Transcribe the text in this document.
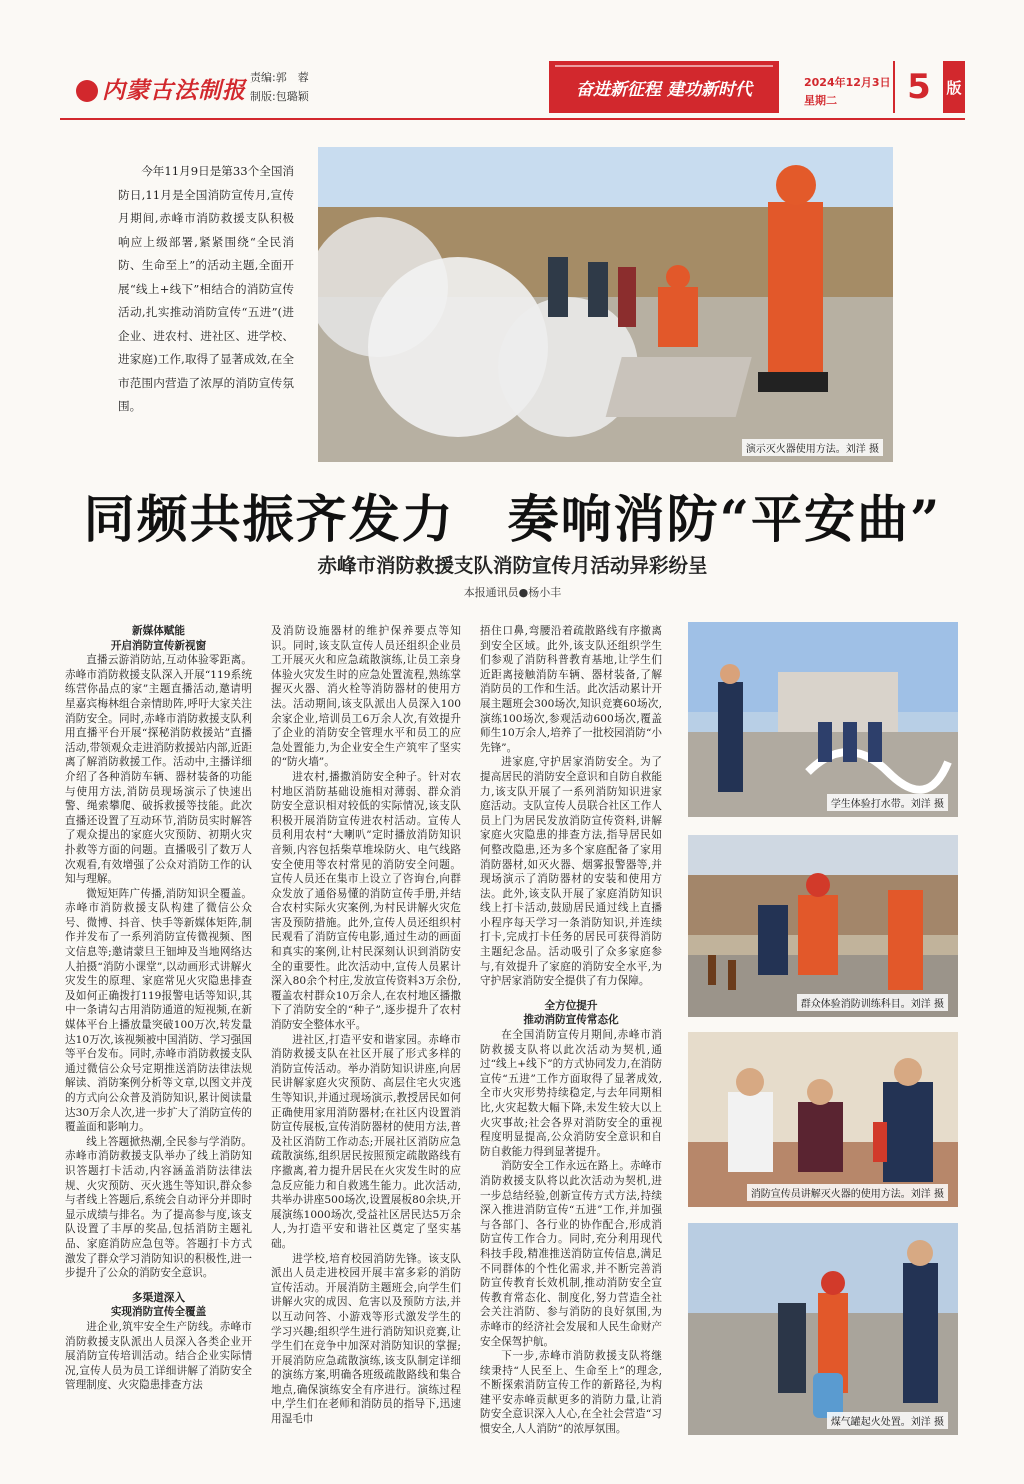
内蒙古法制报 责编:郭　蓉
制版:包璐颖	奋进新征程 建功新时代	2024年12月3日
星期二	5	版
今年11月9日是第33个全国消防日,11月是全国消防宣传月,宣传月期间,赤峰市消防救援支队积极响应上级部署,紧紧围绕“全民消防、生命至上”的活动主题,全面开展“线上+线下”相结合的消防宣传活动,扎实推动消防宣传“五进”(进企业、进农村、进社区、进学校、进家庭)工作,取得了显著成效,在全市范围内营造了浓厚的消防宣传氛围。
演示灭火器使用方法。刘洋 摄
同频共振齐发力　奏响消防“平安曲”
赤峰市消防救援支队消防宣传月活动异彩纷呈
本报通讯员●杨小丰
新媒体赋能
开启消防宣传新视窗

直播云游消防站,互动体验零距离。赤峰市消防救援支队深入开展“119系统练营你晶点的家”主题直播活动,邀请明星嘉宾梅林组合亲情助阵,呼吁大家关注消防安全。同时,赤峰市消防救援支队利用直播平台开展“探秘消防救援站”直播活动,带领观众走进消防救援站内部,近距离了解消防救援工作。活动中,主播详细介绍了各种消防车辆、器材装备的功能与使用方法,消防员现场演示了快速出警、绳索攀爬、破拆救援等技能。此次直播还设置了互动环节,消防员实时解答了观众提出的家庭火灾预防、初期火灾扑救等方面的问题。直播吸引了数万人次观看,有效增强了公众对消防工作的认知与理解。

微短矩阵广传播,消防知识全覆盖。赤峰市消防救援支队构建了微信公众号、微博、抖音、快手等新媒体矩阵,制作并发布了一系列消防宣传微视频、图文信息等;邀请蒙旦王钿坤及当地网络达人拍摄“消防小课堂”,以动画形式讲解火灾发生的原理、家庭常见火灾隐患排查及如何正确拨打119报警电话等知识,其中一条请勾古用消防通道的短视频,在新媒体平台上播放量突破100万次,转发量达10万次,该视频被中国消防、学习强国等平台发布。同时,赤峰市消防救援支队通过微信公众号定期推送消防法律法规解读、消防案例分析等文章,以图文并茂的方式向公众普及消防知识,累计阅读量达30万余人次,进一步扩大了消防宣传的覆盖面和影响力。

线上答题掀热潮,全民参与学消防。赤峰市消防救援支队举办了线上消防知识答题打卡活动,内容涵盖消防法律法规、火灾预防、灭火逃生等知识,群众参与者线上答题后,系统会自动评分并即时显示成绩与排名。为了提高参与度,该支队设置了丰厚的奖品,包括消防主题礼品、家庭消防应急包等。答题打卡方式激发了群众学习消防知识的积极性,进一步提升了公众的消防安全意识。

多渠道深入
实现消防宣传全覆盖

进企业,筑牢安全生产防线。赤峰市消防救援支队派出人员深入各类企业开展消防宣传培训活动。结合企业实际情况,宣传人员为员工详细讲解了消防安全管理制度、火灾隐患排查方法

及消防设施器材的维护保养要点等知识。同时,该支队宣传人员还组织企业员工开展灭火和应急疏散演练,让员工亲身体验火灾发生时的应急处置流程,熟练掌握灭火器、消火栓等消防器材的使用方法。活动期间,该支队派出人员深入100余家企业,培训员工6万余人次,有效提升了企业的消防安全管理水平和员工的应急处置能力,为企业安全生产筑牢了坚实的“防火墙”。

进农村,播撒消防安全种子。针对农村地区消防基础设施相对薄弱、群众消防安全意识相对较低的实际情况,该支队积极开展消防宣传进农村活动。宣传人员利用农村“大喇叭”定时播放消防知识音频,内容包括柴草堆垛防火、电气线路安全使用等农村常见的消防安全问题。宣传人员还在集市上设立了咨询台,向群众发放了通俗易懂的消防宣传手册,并结合农村实际火灾案例,为村民讲解火灾危害及预防措施。此外,宣传人员还组织村民观看了消防宣传电影,通过生动的画面和真实的案例,让村民深刻认识到消防安全的重要性。此次活动中,宣传人员累计深入80余个村庄,发放宣传资料3万余份,覆盖农村群众10万余人,在农村地区播撒下了消防安全的“种子”,逐步提升了农村消防安全整体水平。

进社区,打造平安和谐家园。赤峰市消防救援支队在社区开展了形式多样的消防宣传活动。举办消防知识讲座,向居民讲解家庭火灾预防、高层住宅火灾逃生等知识,并通过现场演示,教授居民如何正确使用家用消防器材;在社区内设置消防宣传展板,宣传消防器材的使用方法,普及社区消防工作动态;开展社区消防应急疏散演练,组织居民按照预定疏散路线有序撤离,着力提升居民在火灾发生时的应急反应能力和自救逃生能力。此次活动,共举办讲座500场次,设置展板80余块,开展演练1000场次,受益社区居民达5万余人,为打造平安和谐社区奠定了坚实基础。

进学校,培育校园消防先锋。该支队派出人员走进校园开展丰富多彩的消防宣传活动。开展消防主题班会,向学生们讲解火灾的成因、危害以及预防方法,并以互动问答、小游戏等形式激发学生的学习兴趣;组织学生进行消防知识竞赛,让学生们在竞争中加深对消防知识的掌握;开展消防应急疏散演练,该支队制定详细的演练方案,明确各班级疏散路线和集合地点,确保演练安全有序进行。演练过程中,学生们在老师和消防员的指导下,迅速用湿毛巾

捂住口鼻,弯腰沿着疏散路线有序撤离到安全区域。此外,该支队还组织学生们参观了消防科普教育基地,让学生们近距离接触消防车辆、器材装备,了解消防员的工作和生活。此次活动累计开展主题班会300场次,知识竞赛60场次,演练100场次,参观活动600场次,覆盖师生10万余人,培养了一批校园消防“小先锋”。

进家庭,守护居家消防安全。为了提高居民的消防安全意识和自防自救能力,该支队开展了一系列消防知识进家庭活动。支队宣传人员联合社区工作人员上门为居民发放消防宣传资料,讲解家庭火灾隐患的排查方法,指导居民如何整改隐患,还为多个家庭配备了家用消防器材,如灭火器、烟雾报警器等,并现场演示了消防器材的安装和使用方法。此外,该支队开展了家庭消防知识线上打卡活动,鼓励居民通过线上直播小程序每天学习一条消防知识,并连续打卡,完成打卡任务的居民可获得消防主题纪念品。活动吸引了众多家庭参与,有效提升了家庭的消防安全水平,为守护居家消防安全提供了有力保障。

全方位提升
推动消防宣传常态化

在全国消防宣传月期间,赤峰市消防救援支队将以此次活动为契机,通过“线上+线下”的方式协同发力,在消防宣传“五进”工作方面取得了显著成效,全市火灾形势持续稳定,与去年同期相比,火灾起数大幅下降,未发生较大以上火灾事故;社会各界对消防安全的重视程度明显提高,公众消防安全意识和自防自救能力得到显著提升。

消防安全工作永远在路上。赤峰市消防救援支队将以此次活动为契机,进一步总结经验,创新宣传方式方法,持续深入推进消防宣传“五进”工作,并加强与各部门、各行业的协作配合,形成消防宣传工作合力。同时,充分利用现代科技手段,精准推送消防宣传信息,满足不同群体的个性化需求,并不断完善消防宣传教育长效机制,推动消防安全宣传教育常态化、制度化,努力营造全社会关注消防、参与消防的良好氛围,为赤峰市的经济社会发展和人民生命财产安全保驾护航。

下一步,赤峰市消防救援支队将继续秉持“人民至上、生命至上”的理念,不断探索消防宣传工作的新路径,为构建平安赤峰贡献更多的消防力量,让消防安全意识深入人心,在全社会营造“习惯安全,人人消防”的浓厚氛围。

学生体验打水带。刘洋 摄
群众体验消防训练科目。刘洋 摄
消防宣传员讲解灭火器的使用方法。刘洋 摄
煤气罐起火处置。刘洋 摄
